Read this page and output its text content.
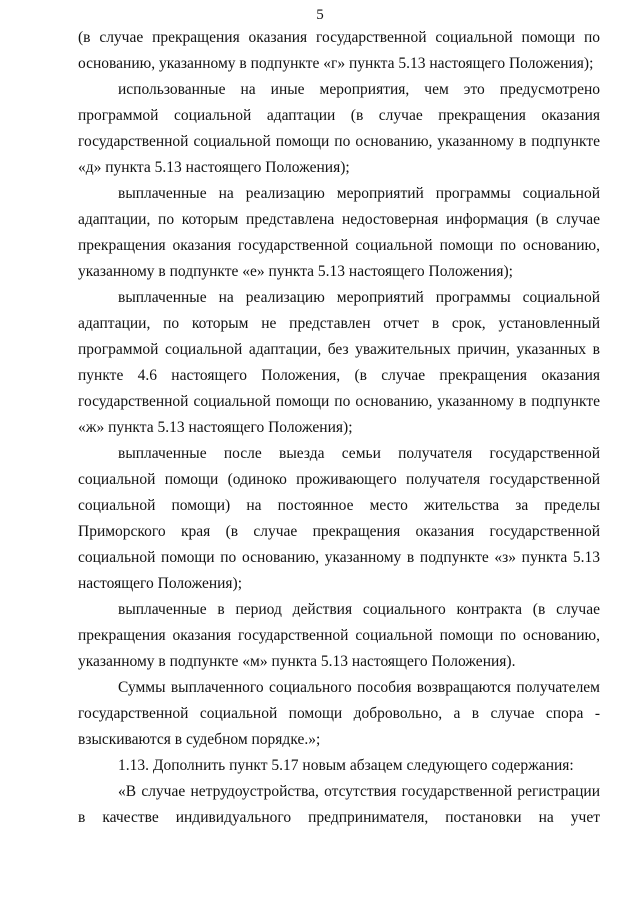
5

(в случае прекращения оказания государственной социальной помощи по основанию, указанному в подпункте «г» пункта 5.13 настоящего Положения);

использованные на иные мероприятия, чем это предусмотрено программой социальной адаптации (в случае прекращения оказания государственной социальной помощи по основанию, указанному в подпункте «д» пункта 5.13 настоящего Положения);

выплаченные на реализацию мероприятий программы социальной адаптации, по которым представлена недостоверная информация (в случае прекращения оказания государственной социальной помощи по основанию, указанному в подпункте «е» пункта 5.13 настоящего Положения);

выплаченные на реализацию мероприятий программы социальной адаптации, по которым не представлен отчет в срок, установленный программой социальной адаптации, без уважительных причин, указанных в пункте 4.6 настоящего Положения, (в случае прекращения оказания государственной социальной помощи по основанию, указанному в подпункте «ж» пункта 5.13 настоящего Положения);

выплаченные после выезда семьи получателя государственной социальной помощи (одиноко проживающего получателя государственной социальной помощи) на постоянное место жительства за пределы Приморского края (в случае прекращения оказания государственной социальной помощи по основанию, указанному в подпункте «з» пункта 5.13 настоящего Положения);

выплаченные в период действия социального контракта (в случае прекращения оказания государственной социальной помощи по основанию, указанному в подпункте «м» пункта 5.13 настоящего Положения).

Суммы выплаченного социального пособия возвращаются получателем государственной социальной помощи добровольно, а в случае спора - взыскиваются в судебном порядке.»;

1.13. Дополнить пункт 5.17 новым абзацем следующего содержания:

«В случае нетрудоустройства, отсутствия государственной регистрации в качестве индивидуального предпринимателя, постановки на учет
